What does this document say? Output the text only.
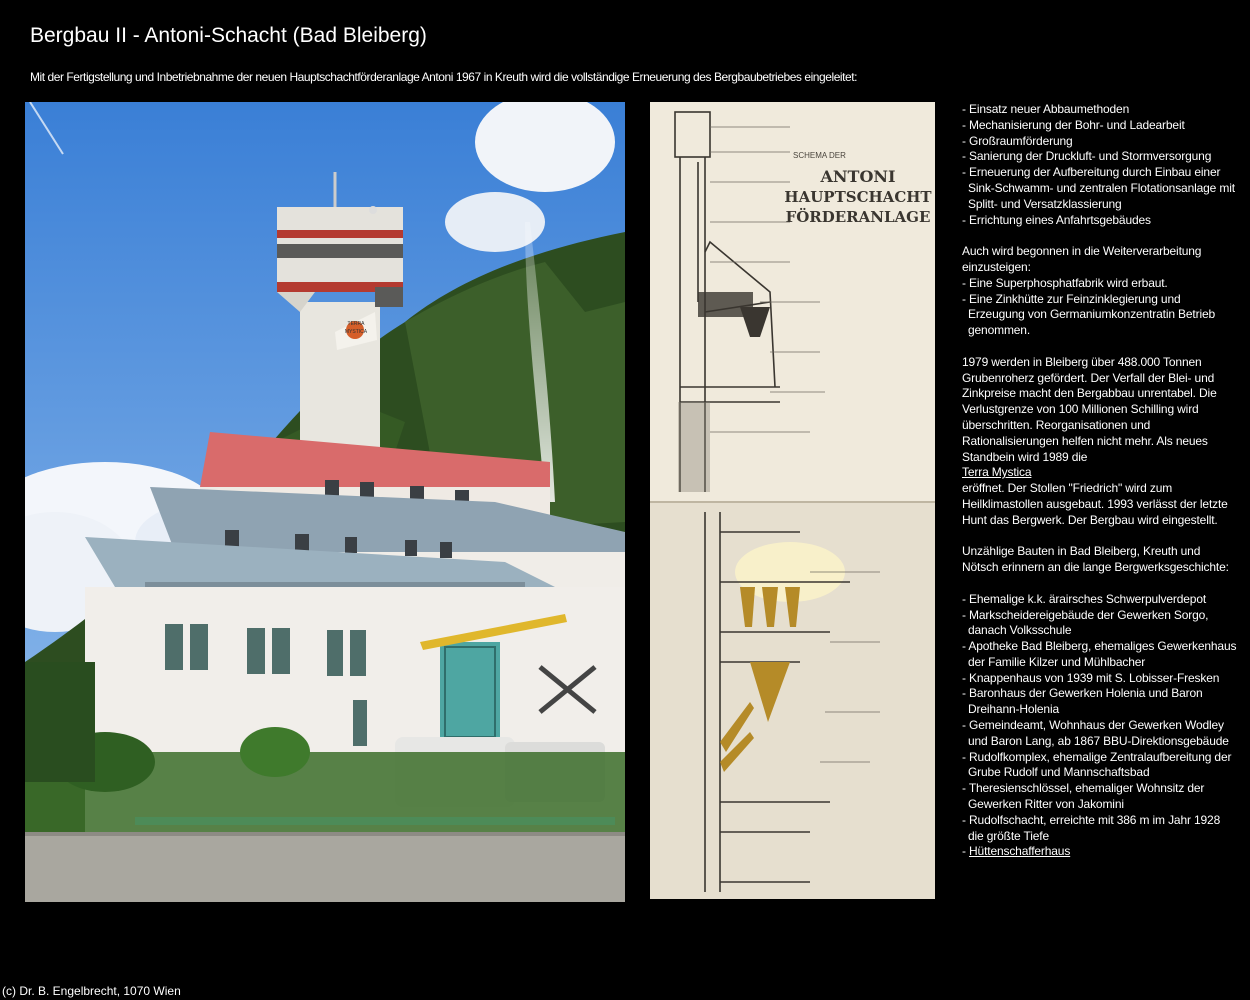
Bergbau II - Antoni-Schacht (Bad Bleiberg)
Mit der Fertigstellung und Inbetriebnahme der neuen Hauptschachtförderanlage Antoni 1967 in Kreuth wird die vollständige Erneuerung des Bergbaubetriebes eingeleitet:
TERRA
MYSTICA
SCHEMA DER
ANTONI
HAUPTSCHACHT
FÖRDERANLAGE
- Einsatz neuer Abbaumethoden
- Mechanisierung der Bohr- und Ladearbeit
- Großraumförderung
- Sanierung der Druckluft- und Stormversorgung
- Erneuerung der Aufbereitung durch Einbau einer Sink-Schwamm- und zentralen Flotationsanlage mit Splitt- und Versatzklassierung
- Errichtung eines Anfahrtsgebäudes
Auch wird begonnen in die Weiterverarbeitung einzusteigen:
- Eine Superphosphatfabrik wird erbaut.
- Eine Zinkhütte zur Feinzinklegierung und Erzeugung von Germaniumkonzentratin Betrieb genommen.
1979 werden in Bleiberg über 488.000 Tonnen Grubenroherz gefördert. Der Verfall der Blei- und Zinkpreise macht den Bergabbau unrentabel. Die Verlustgrenze von 100 Millionen Schilling wird überschritten. Reorganisationen und Rationalisierungen helfen nicht mehr. Als neues Standbein wird 1989 die
Terra Mystica
eröffnet. Der Stollen "Friedrich" wird zum Heilklimastollen ausgebaut. 1993 verlässt der letzte Hunt das Bergwerk. Der Bergbau wird eingestellt.
Unzählige Bauten in Bad Bleiberg, Kreuth und Nötsch erinnern an die lange Bergwerksgeschichte:
- Ehemalige k.k. ärairsches Schwerpulverdepot
- Markscheidereigebäude der Gewerken Sorgo, danach Volksschule
- Apotheke Bad Bleiberg, ehemaliges Gewerkenhaus der Familie Kilzer und Mühlbacher
- Knappenhaus von 1939 mit S. Lobisser-Fresken
- Baronhaus der Gewerken Holenia und Baron Dreihann-Holenia
- Gemeindeamt, Wohnhaus der Gewerken Wodley und Baron Lang, ab 1867 BBU-Direktionsgebäude
- Rudolfkomplex, ehemalige Zentralaufbereitung der Grube Rudolf und Mannschaftsbad
- Theresienschlössel, ehemaliger Wohnsitz der Gewerken Ritter von Jakomini
- Rudolfschacht, erreichte mit 386 m im Jahr 1928 die größte Tiefe
- Hüttenschafferhaus
(c) Dr. B. Engelbrecht, 1070 Wien
